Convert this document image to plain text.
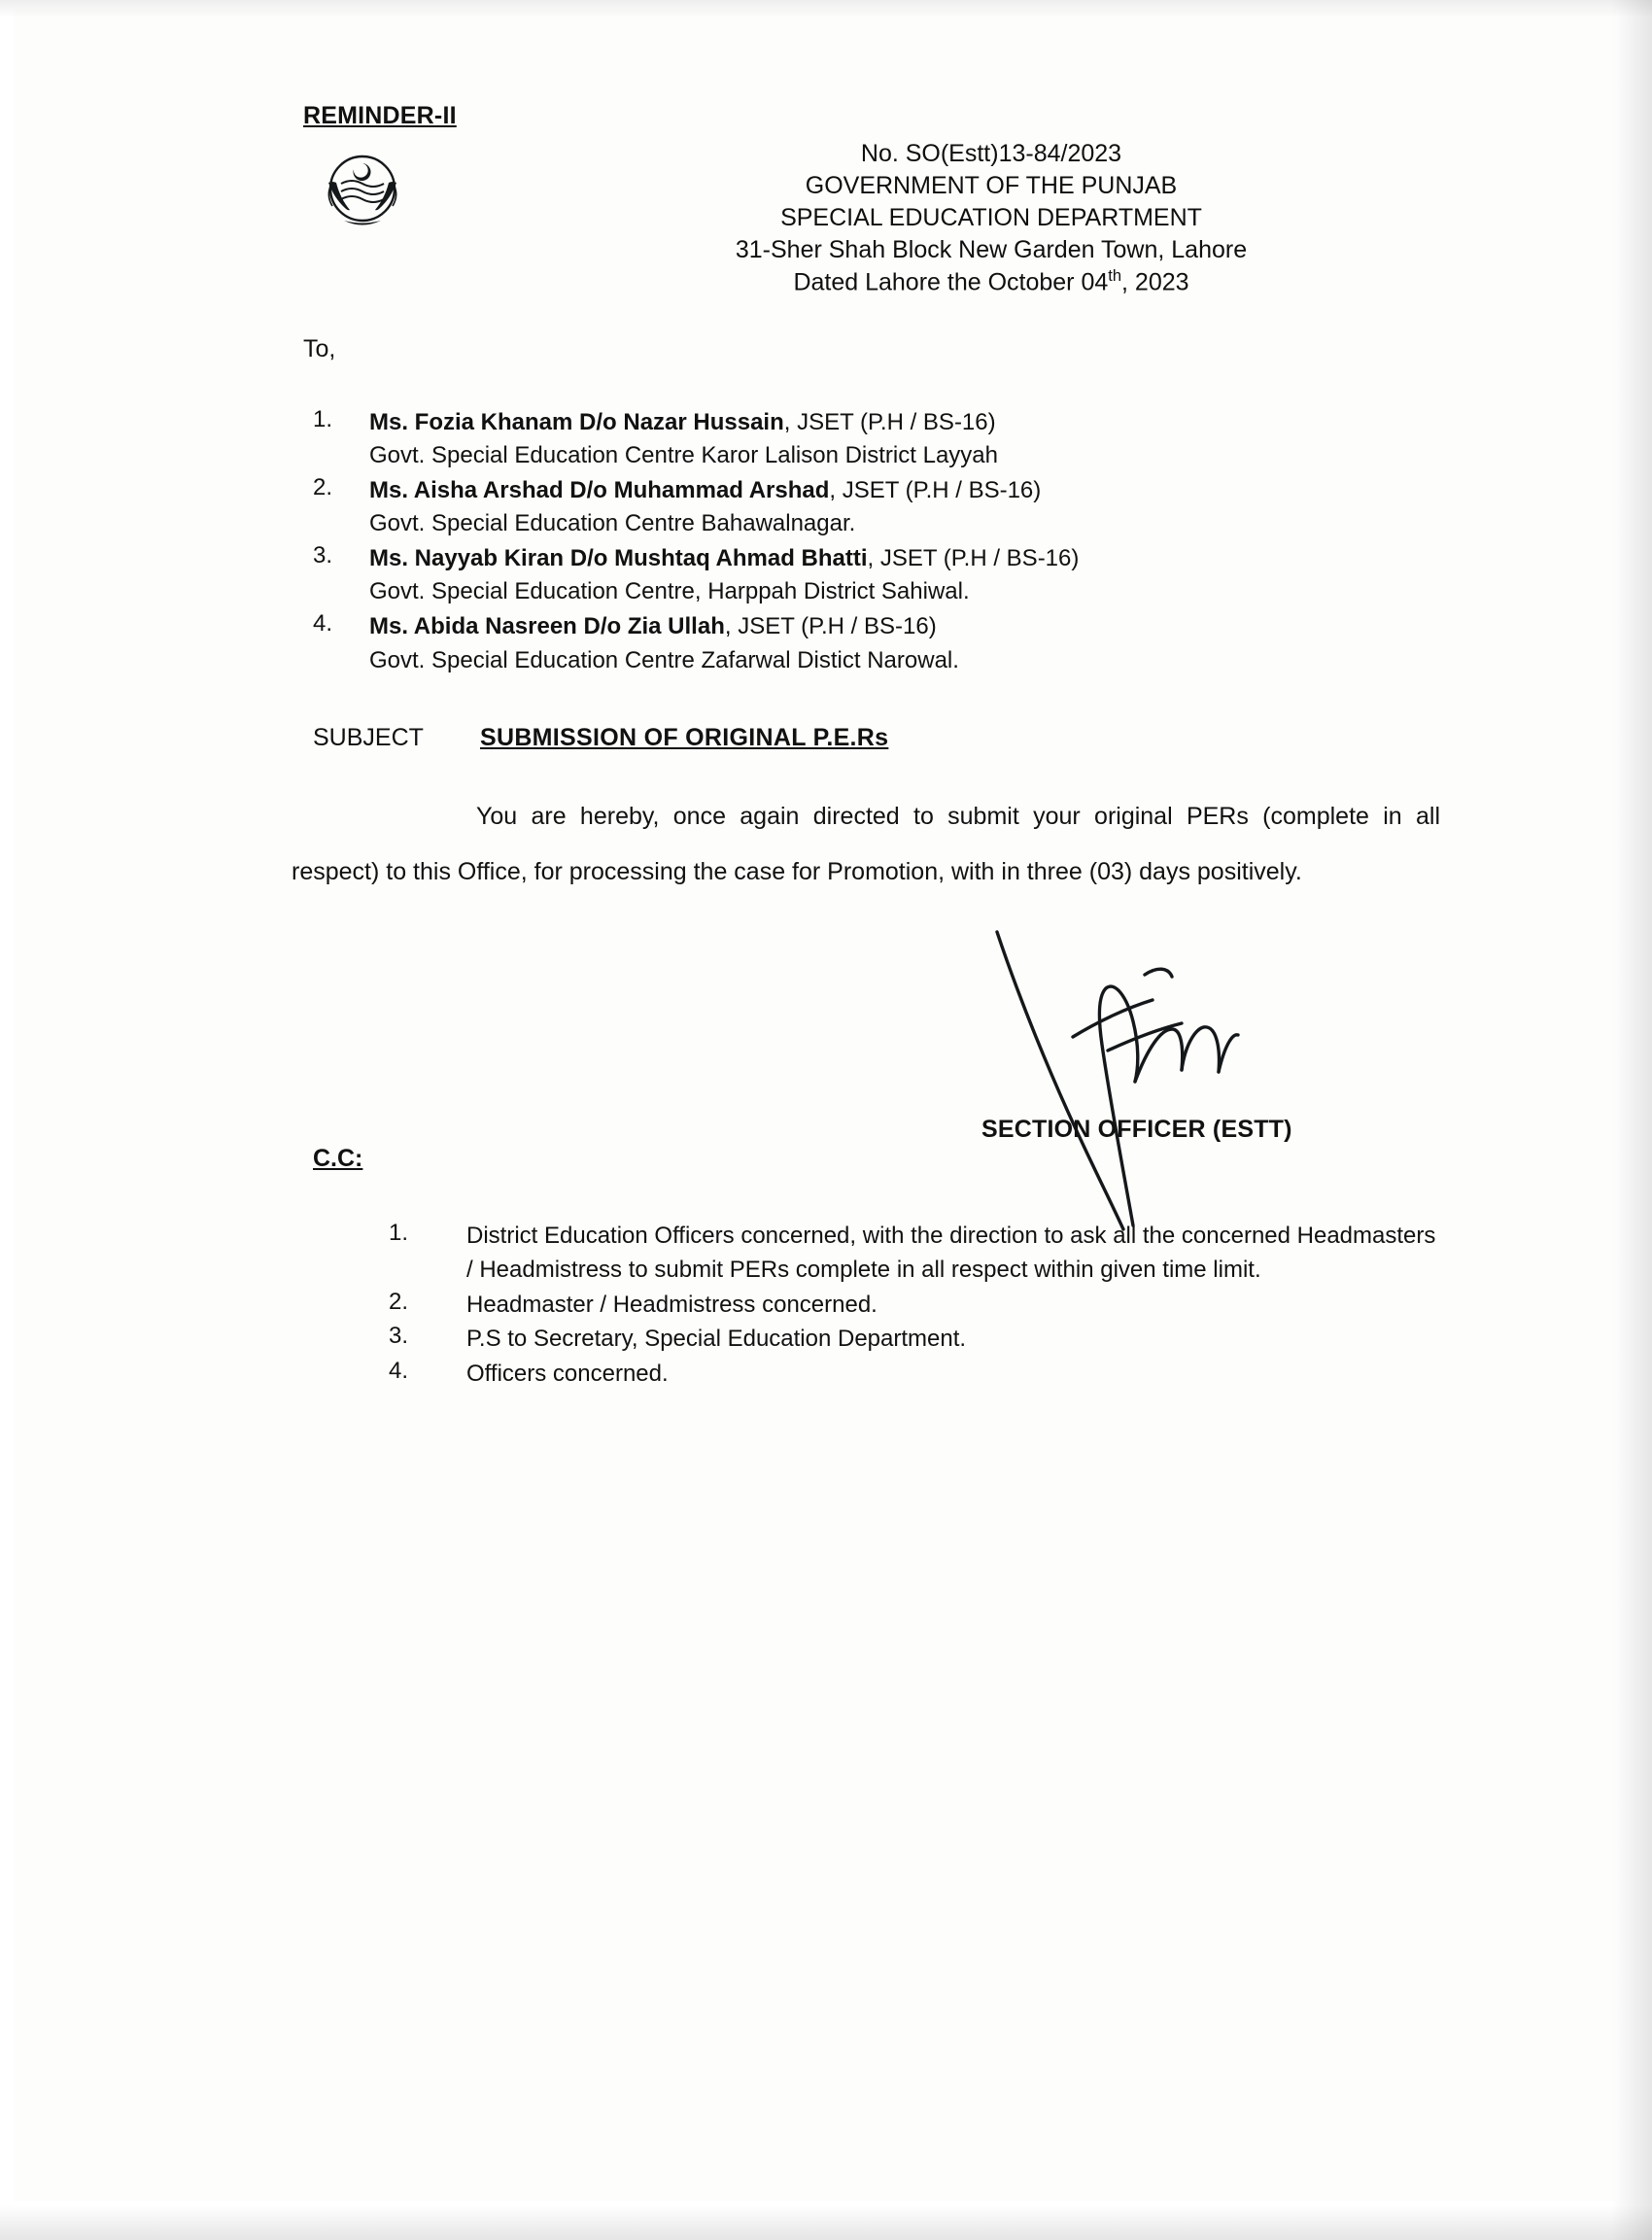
REMINDER-II
No. SO(Estt)13-84/2023
GOVERNMENT OF THE PUNJAB
SPECIAL EDUCATION DEPARTMENT
31-Sher Shah Block New Garden Town, Lahore
Dated Lahore the October 04th, 2023
To,
1.	Ms. Fozia Khanam D/o Nazar Hussain, JSET (P.H / BS-16)
Govt. Special Education Centre Karor Lalison District Layyah
2.	Ms. Aisha Arshad D/o Muhammad Arshad, JSET (P.H / BS-16)
Govt. Special Education Centre Bahawalnagar.
3.	Ms. Nayyab Kiran D/o Mushtaq Ahmad Bhatti, JSET (P.H / BS-16)
Govt. Special Education Centre, Harppah District Sahiwal.
4.	Ms. Abida Nasreen D/o Zia Ullah, JSET (P.H / BS-16)
Govt. Special Education Centre Zafarwal Distict Narowal.
SUBJECT SUBMISSION OF ORIGINAL P.E.Rs
You are hereby, once again directed to submit your original PERs (complete in all respect) to this Office, for processing the case for Promotion, with in three (03) days positively.
SECTION OFFICER (ESTT)
C.C:
1.	District Education Officers concerned, with the direction to ask all the concerned Headmasters / Headmistress to submit PERs complete in all respect within given time limit.
2.	Headmaster / Headmistress concerned.
3.	P.S to Secretary, Special Education Department.
4.	Officers concerned.
